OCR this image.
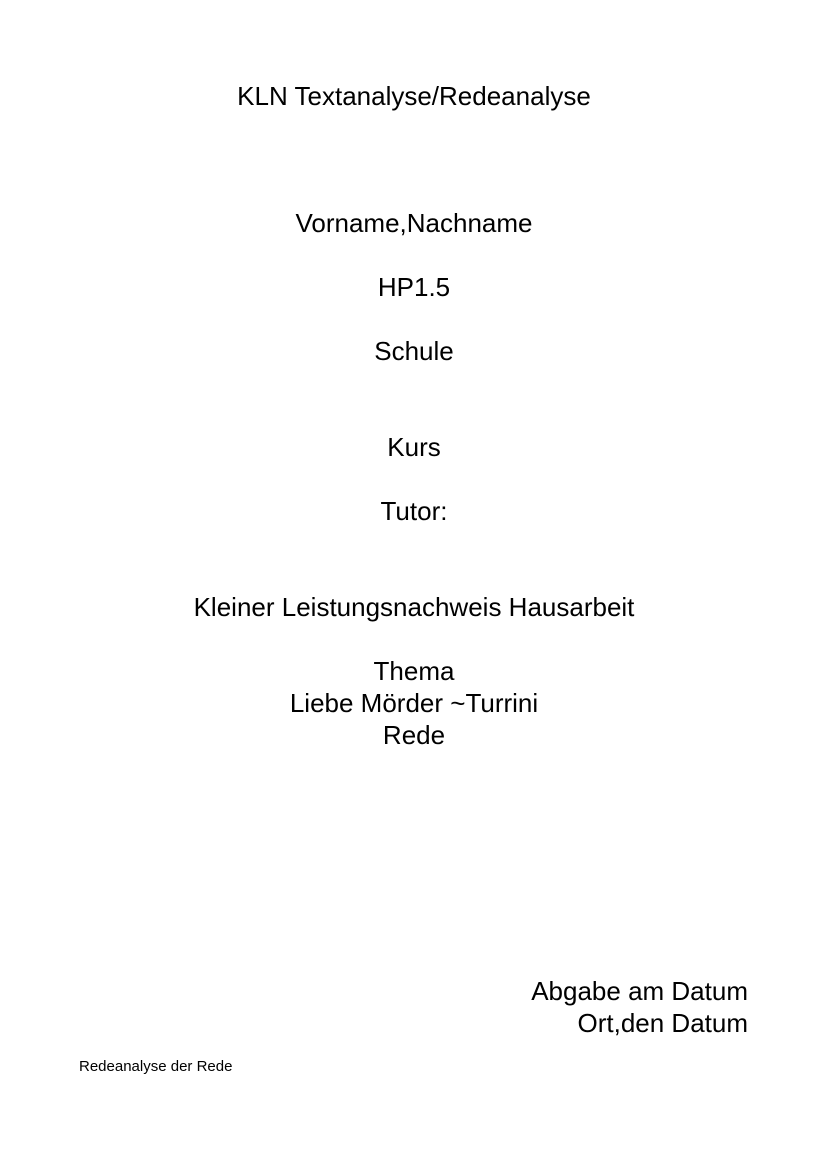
KLN Textanalyse/Redeanalyse
Vorname,Nachname
HP1.5
Schule
Kurs
Tutor:
Kleiner Leistungsnachweis Hausarbeit
Thema
Liebe Mörder ~Turrini
Rede
Abgabe am Datum
Ort,den Datum
Redeanalyse der Rede
